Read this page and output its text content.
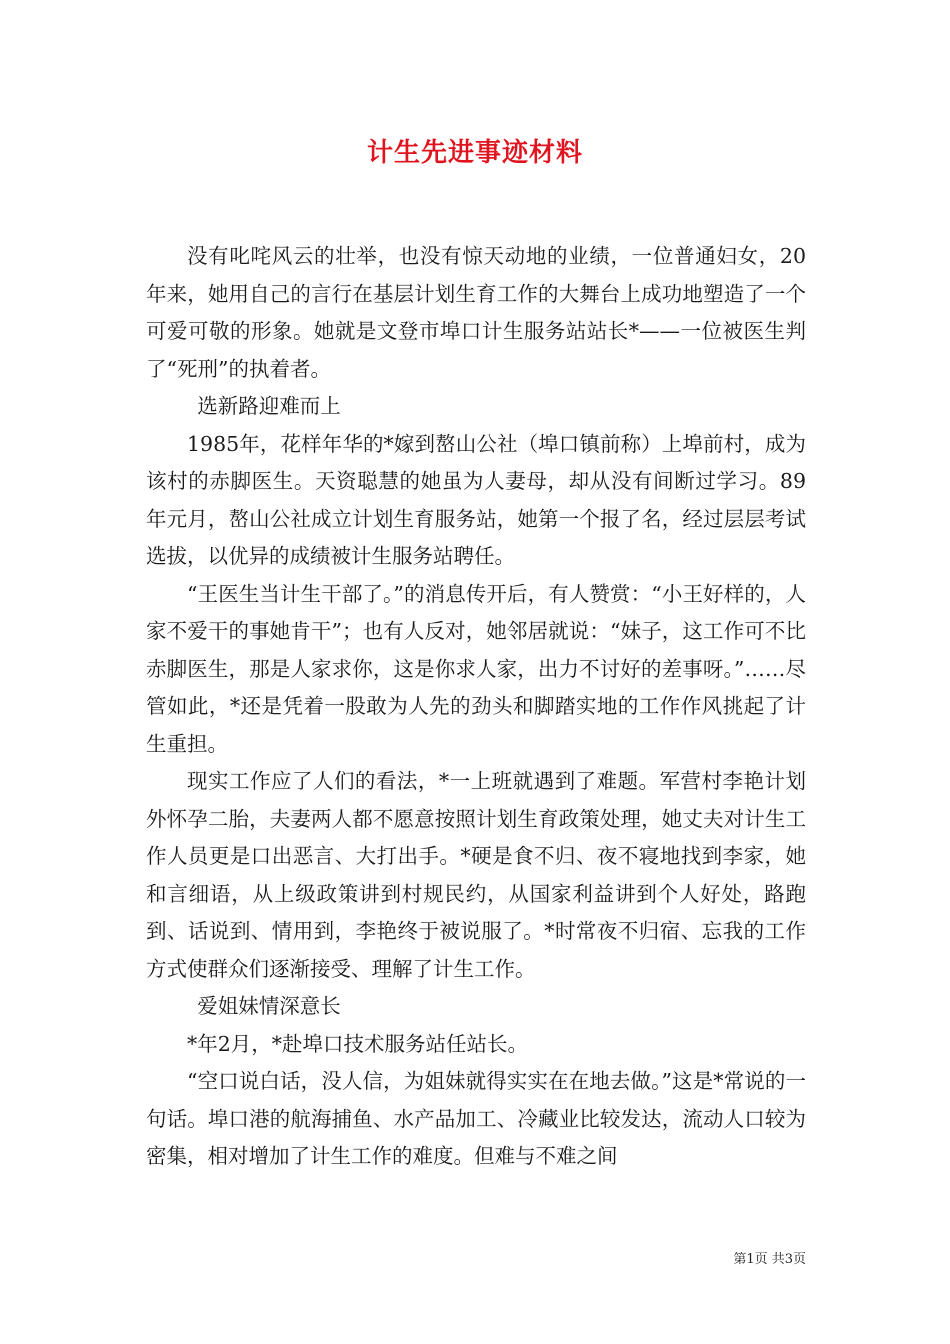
计生先进事迹材料

没有叱咤风云的壮举，也没有惊天动地的业绩，一位普通妇女，20年来，她用自己的言行在基层计划生育工作的大舞台上成功地塑造了一个可爱可敬的形象。她就是文登市埠口计生服务站站长*——一位被医生判了“死刑”的执着者。

选新路迎难而上

1985年，花样年华的*嫁到嶅山公社（埠口镇前称）上埠前村，成为该村的赤脚医生。天资聪慧的她虽为人妻母，却从没有间断过学习。89年元月，嶅山公社成立计划生育服务站，她第一个报了名，经过层层考试选拔，以优异的成绩被计生服务站聘任。

“王医生当计生干部了。”的消息传开后，有人赞赏：“小王好样的，人家不爱干的事她肯干”；也有人反对，她邻居就说：“妹子，这工作可不比赤脚医生，那是人家求你，这是你求人家，出力不讨好的差事呀。”……尽管如此，*还是凭着一股敢为人先的劲头和脚踏实地的工作作风挑起了计生重担。

现实工作应了人们的看法，*一上班就遇到了难题。军营村李艳计划外怀孕二胎，夫妻两人都不愿意按照计划生育政策处理，她丈夫对计生工作人员更是口出恶言、大打出手。*硬是食不归、夜不寝地找到李家，她和言细语，从上级政策讲到村规民约，从国家利益讲到个人好处，路跑到、话说到、情用到，李艳终于被说服了。*时常夜不归宿、忘我的工作方式使群众们逐渐接受、理解了计生工作。

爱姐妹情深意长

*年2月，*赴埠口技术服务站任站长。

“空口说白话，没人信，为姐妹就得实实在在地去做。”这是*常说的一句话。埠口港的航海捕鱼、水产品加工、冷藏业比较发达，流动人口较为密集，相对增加了计生工作的难度。但难与不难之间

第1页 共3页
